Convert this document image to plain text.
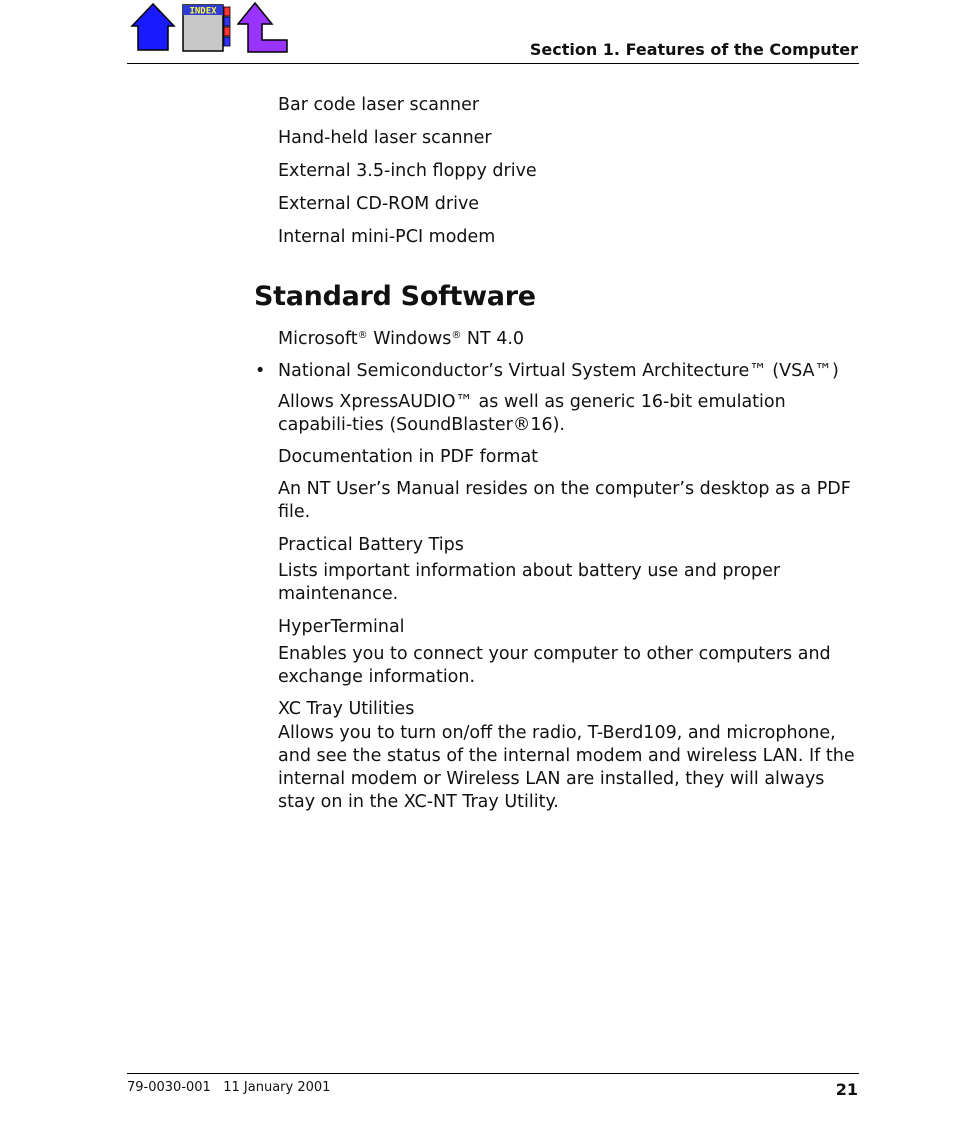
INDEX
Section 1. Features of the Computer
Bar code laser scanner
Hand-held laser scanner
External 3.5-inch floppy drive
External CD-ROM drive
Internal mini-PCI modem
Standard Software
Microsoft® Windows® NT 4.0
• National Semiconductor’s Virtual System Architecture™ (VSA™)
Allows XpressAUDIO™ as well as generic 16-bit emulation capabili-ties (SoundBlaster®16).
Documentation in PDF format
An NT User’s Manual resides on the computer’s desktop as a PDF file.
Practical Battery Tips
Lists important information about battery use and proper maintenance.
HyperTerminal
Enables you to connect your computer to other computers and exchange information.
XC Tray Utilities
Allows you to turn on/off the radio, T-Berd109, and microphone, and see the status of the internal modem and wireless LAN. If the internal modem or Wireless LAN are installed, they will always stay on in the XC-NT Tray Utility.
79-0030-001 11 January 2001	21
